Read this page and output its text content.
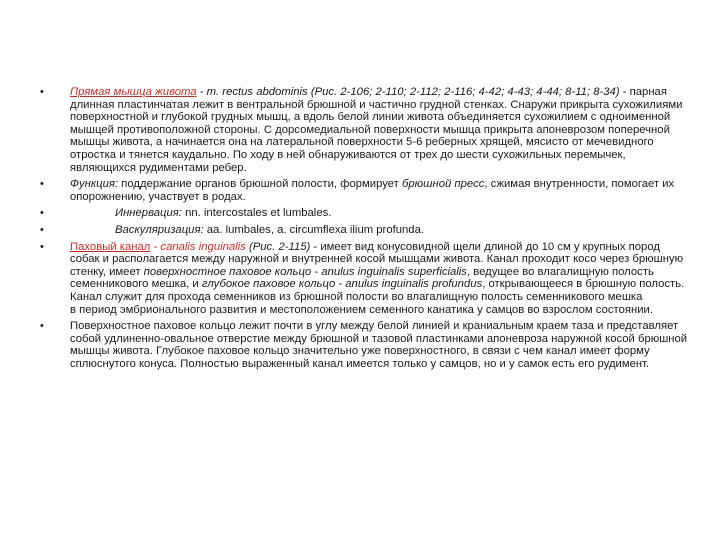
• Прямая мышца живота - m. rectus abdominis (Рис. 2-106; 2-110; 2-112; 2-116; 4-42; 4-43; 4-44; 8-11; 8-34) - парная длинная пластинчатая лежит в вентральной брюшной и частично грудной стенках. Снаружи прикрыта сухожилиями поверхностной и глубокой грудных мышц, а вдоль белой линии живота объединяется сухожилием с одноименной мышцей противоположной стороны. С дорсомедиальной поверхности мышца прикрыта апоневрозом поперечной мышцы живота, а начинается она на латеральной поверхности 5-6 реберных хрящей, мясисто от мечевидного отростка и тянется каудально. По ходу в ней обнаруживаются от трех до шести сухожильных перемычек, являющихся рудиментами ребер.
• Функция: поддержание органов брюшной полости, формирует брюшной пресс, сжимая внутренности, помогает их опорожнению, участвует в родах.
•	Иннервация: nn. intercostales et lumbales.
•	Васкуляризация: aa. lumbales, a. circumflexa ilium profunda.
• Паховый канал - canalis inguinalis (Рис. 2-115) - имеет вид конусовидной щели длиной до 10 см у крупных пород собак и располагается между наружной и внутренней косой мышцами живота. Канал проходит косо через брюшную стенку, имеет поверхностное паховое кольцо - anulus inguinalis superficialis, ведущее во влагалищную полость семенникового мешка, и глубокое паховое кольцо - anulus inguinalis profundus, открывающееся в брюшную полость. Канал служит для прохода семенников из брюшной полости во влагалищную полость семенникового мешка
в период эмбрионального развития и местоположением семенного канатика у самцов во взрослом состоянии.
• Поверхностное паховое кольцо лежит почти в углу между белой линией и краниальным краем таза и представляет собой удлиненно-овальное отверстие между брюшной и тазовой пластинками апоневроза наружной косой брюшной мышцы живота. Глубокое паховое кольцо значительно уже поверхностного, в связи с чем канал имеет форму сплюснутого конуса. Полностью выраженный канал имеется только у самцов, но и у самок есть его рудимент.
